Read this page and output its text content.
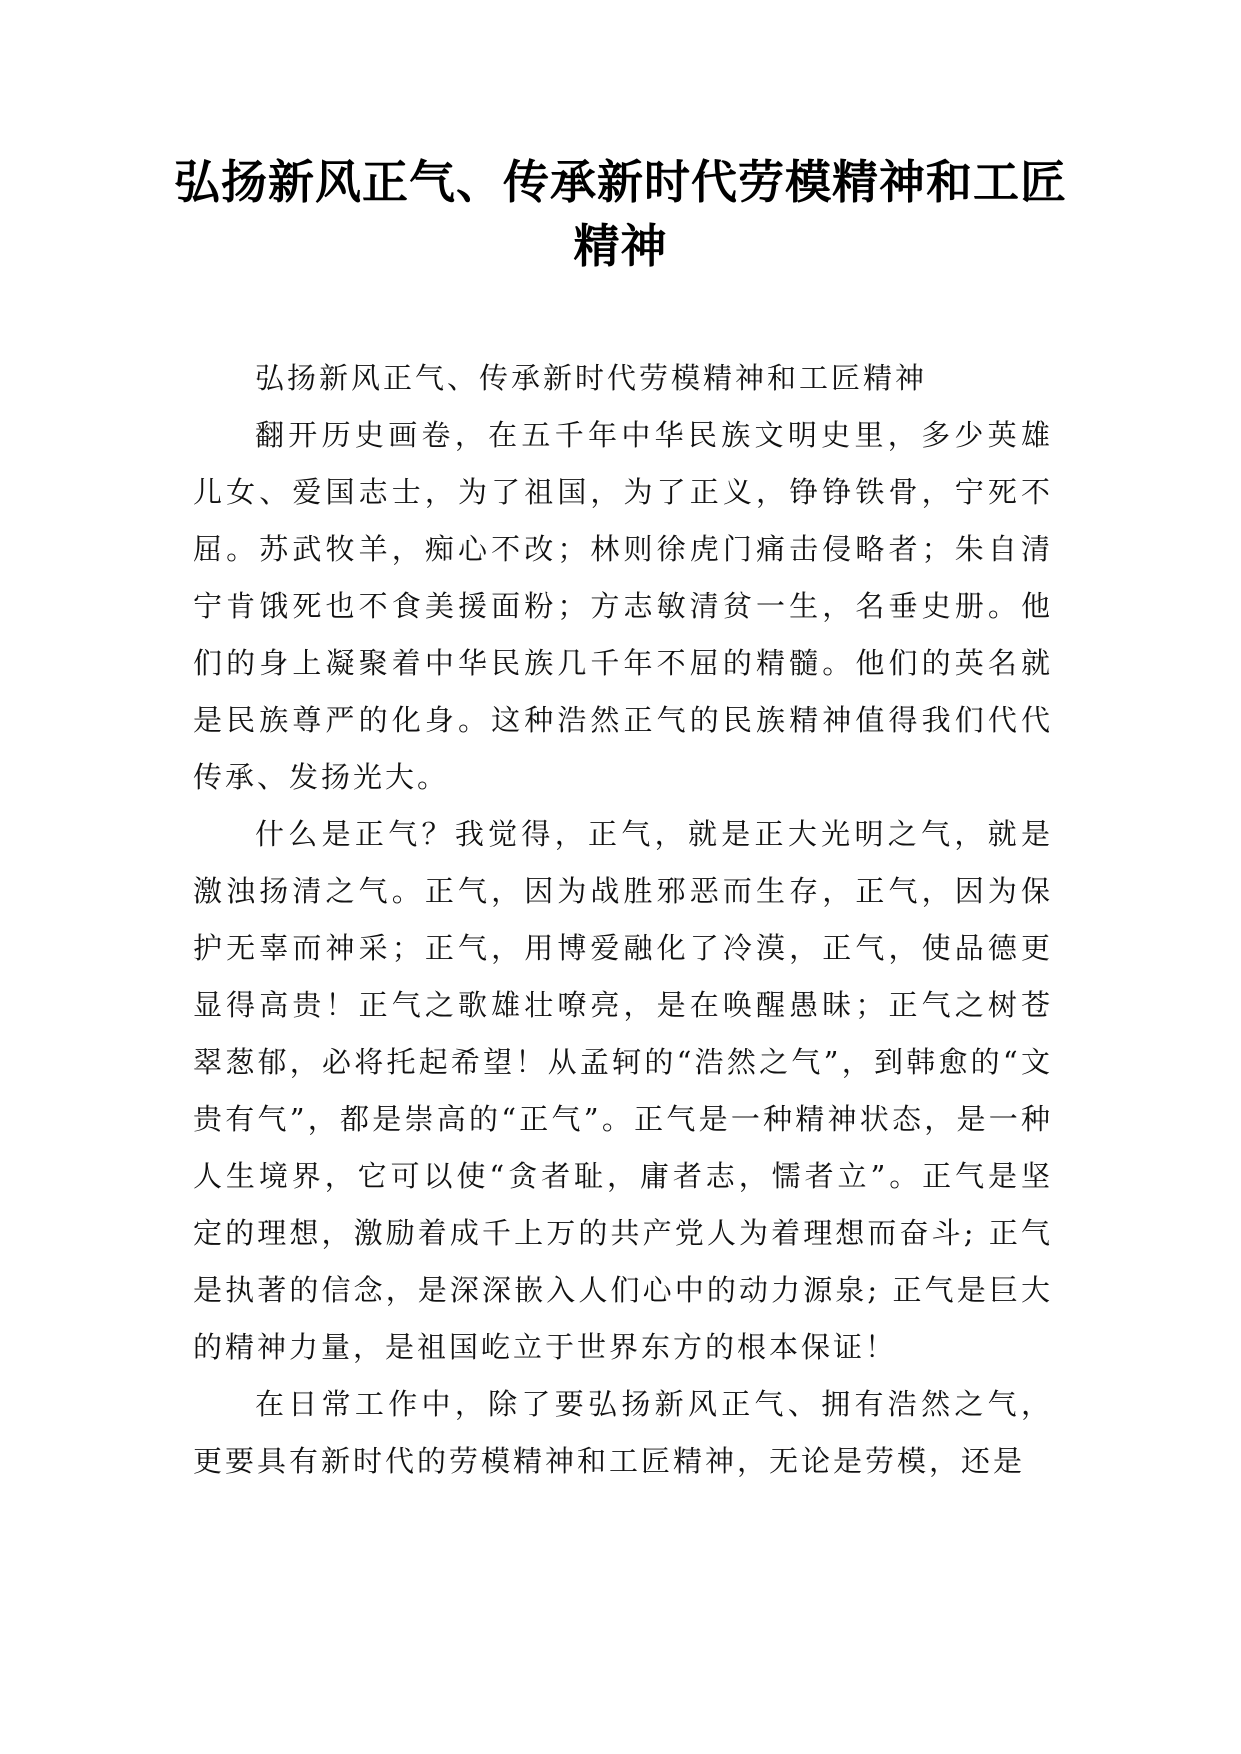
弘扬新风正气、传承新时代劳模精神和工匠
精神

弘扬新风正气、传承新时代劳模精神和工匠精神

翻开历史画卷，在五千年中华民族文明史里，多少英雄儿女、爱国志士，为了祖国，为了正义，铮铮铁骨，宁死不屈。苏武牧羊，痴心不改；林则徐虎门痛击侵略者；朱自清宁肯饿死也不食美援面粉；方志敏清贫一生，名垂史册。他们的身上凝聚着中华民族几千年不屈的精髓。他们的英名就是民族尊严的化身。这种浩然正气的民族精神值得我们代代传承、发扬光大。

什么是正气？我觉得，正气，就是正大光明之气，就是激浊扬清之气。正气，因为战胜邪恶而生存，正气，因为保护无辜而神采；正气，用博爱融化了冷漠，正气，使品德更显得高贵！正气之歌雄壮嘹亮，是在唤醒愚昧；正气之树苍翠葱郁，必将托起希望！从孟轲的“浩然之气”，到韩愈的“文贵有气”，都是崇高的“正气”。正气是一种精神状态，是一种人生境界，它可以使“贪者耻，庸者志，懦者立”。正气是坚定的理想，激励着成千上万的共产党人为着理想而奋斗; 正气是执著的信念，是深深嵌入人们心中的动力源泉; 正气是巨大的精神力量，是祖国屹立于世界东方的根本保证！

在日常工作中，除了要弘扬新风正气、拥有浩然之气，更要具有新时代的劳模精神和工匠精神，无论是劳模，还是
